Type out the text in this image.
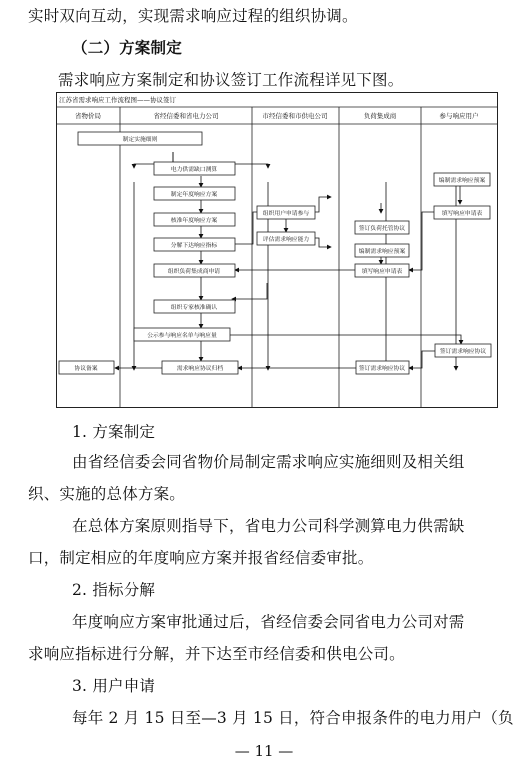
实时双向互动，实现需求响应过程的组织协调。
（二）方案制定
需求响应方案制定和协议签订工作流程详见下图。
江苏省需求响应工作流程图——协议签订
省物价局	省经信委和省电力公司	市经信委和市供电公司	负荷集成商	参与响应用户
制定实施细则
电力供需缺口测算
制定年度响应方案
核准年度响应方案
分解下达响应指标
组织负荷集成商申请
组织专家核准确认
公示参与响应名单与响应量
需求响应协议归档
协议备案
组织用户申请参与
评估需求响应能力
签订负荷托管协议
编制需求响应预案
填写响应申请表
编制需求响应预案
填写响应申请表
签订需求响应协议
签订需求响应协议
1. 方案制定
由省经信委会同省物价局制定需求响应实施细则及相关组
织、实施的总体方案。
在总体方案原则指导下，省电力公司科学测算电力供需缺
口，制定相应的年度响应方案并报省经信委审批。
2. 指标分解
年度响应方案审批通过后，省经信委会同省电力公司对需
求响应指标进行分解，并下达至市经信委和供电公司。
3. 用户申请
每年 2 月 15 日至—3 月 15 日，符合申报条件的电力用户（负
— 11 —
